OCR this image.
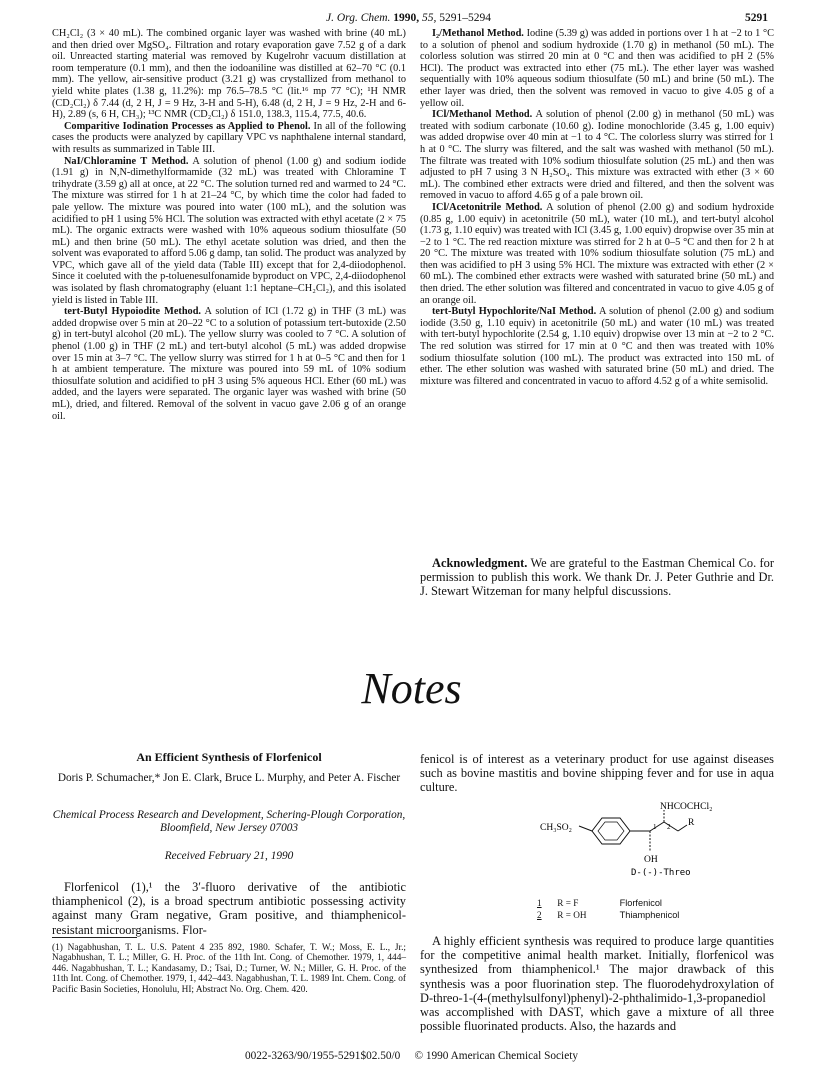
J. Org. Chem. 1990, 55, 5291–5294	5291

CH₂Cl₂ (3 × 40 mL). The combined organic layer was washed with brine (40 mL) and then dried over MgSO₄. Filtration and rotary evaporation gave 7.52 g of a dark oil. Unreacted starting material was removed by Kugelrohr vacuum distillation at room temperature (0.1 mm), and then the iodoaniline was distilled at 62–70 °C (0.1 mm). The yellow, air-sensitive product (3.21 g) was crystallized from methanol to yield white plates (1.38 g, 11.2%): mp 76.5–78.5 °C (lit.¹⁶ mp 77 °C); ¹H NMR (CD₂Cl₂) δ 7.44 (d, 2 H, J = 9 Hz, 3-H and 5-H), 6.48 (d, 2 H, J = 9 Hz, 2-H and 6-H), 2.89 (s, 6 H, CH₃); ¹³C NMR (CD₂Cl₂) δ 151.0, 138.3, 115.4, 77.5, 40.6.

Comparitive Iodination Processes as Applied to Phenol. In all of the following cases the products were analyzed by capillary VPC vs naphthalene internal standard, with results as summarized in Table III.

NaI/Chloramine T Method. A solution of phenol (1.00 g) and sodium iodide (1.91 g) in N,N-dimethylformamide (32 mL) was treated with Chloramine T trihydrate (3.59 g) all at once, at 22 °C. The solution turned red and warmed to 24 °C. The mixture was stirred for 1 h at 21–24 °C, by which time the color had faded to pale yellow. The mixture was poured into water (100 mL), and the solution was acidified to pH 1 using 5% HCl. The solution was extracted with ethyl acetate (2 × 75 mL). The organic extracts were washed with 10% aqueous sodium thiosulfate (50 mL) and then brine (50 mL). The ethyl acetate solution was dried, and then the solvent was evaporated to afford 5.06 g damp, tan solid. The product was analyzed by VPC, which gave all of the yield data (Table III) except that for 2,4-diiodophenol. Since it coeluted with the p-toluenesulfonamide byproduct on VPC, 2,4-diiodophenol was isolated by flash chromatography (eluant 1:1 heptane–CH₂Cl₂), and this isolated yield is listed in Table III.

tert-Butyl Hypoiodite Method. A solution of ICl (1.72 g) in THF (3 mL) was added dropwise over 5 min at 20–22 °C to a solution of potassium tert-butoxide (2.50 g) in tert-butyl alcohol (20 mL). The yellow slurry was cooled to 7 °C. A solution of phenol (1.00 g) in THF (2 mL) and tert-butyl alcohol (5 mL) was added dropwise over 15 min at 3–7 °C. The yellow slurry was stirred for 1 h at 0–5 °C and then for 1 h at ambient temperature. The mixture was poured into 59 mL of 10% sodium thiosulfate solution and acidified to pH 3 using 5% aqueous HCl. Ether (60 mL) was added, and the layers were separated. The organic layer was washed with brine (50 mL), dried, and filtered. Removal of the solvent in vacuo gave 2.06 g of an orange oil.

I₂/Methanol Method. Iodine (5.39 g) was added in portions over 1 h at −2 to 1 °C to a solution of phenol and sodium hydroxide (1.70 g) in methanol (50 mL). The colorless solution was stirred 20 min at 0 °C and then was acidified to pH 2 (5% HCl). The product was extracted into ether (75 mL). The ether layer was washed sequentially with 10% aqueous sodium thiosulfate (50 mL) and brine (50 mL). The ether layer was dried, then the solvent was removed in vacuo to give 4.05 g of a yellow oil.

ICl/Methanol Method. A solution of phenol (2.00 g) in methanol (50 mL) was treated with sodium carbonate (10.60 g). Iodine monochloride (3.45 g, 1.00 equiv) was added dropwise over 40 min at −1 to 4 °C. The colorless slurry was stirred for 1 h at 0 °C. The slurry was filtered, and the salt was washed with methanol (50 mL). The filtrate was treated with 10% sodium thiosulfate solution (25 mL) and then was adjusted to pH 7 using 3 N H₂SO₄. This mixture was extracted with ether (3 × 60 mL). The combined ether extracts were dried and filtered, and then the solvent was removed in vacuo to afford 4.65 g of a pale brown oil.

ICl/Acetonitrile Method. A solution of phenol (2.00 g) and sodium hydroxide (0.85 g, 1.00 equiv) in acetonitrile (50 mL), water (10 mL), and tert-butyl alcohol (1.73 g, 1.10 equiv) was treated with ICl (3.45 g, 1.00 equiv) dropwise over 35 min at −2 to 1 °C. The red reaction mixture was stirred for 2 h at 0–5 °C and then for 2 h at 20 °C. The mixture was treated with 10% sodium thiosulfate solution (75 mL) and then was acidified to pH 3 using 5% HCl. The mixture was extracted with ether (2 × 60 mL). The combined ether extracts were washed with saturated brine (50 mL) and then dried. The ether solution was filtered and concentrated in vacuo to give 4.05 g of an orange oil.

tert-Butyl Hypochlorite/NaI Method. A solution of phenol (2.00 g) and sodium iodide (3.50 g, 1.10 equiv) in acetonitrile (50 mL) and water (10 mL) was treated with tert-butyl hypochlorite (2.54 g, 1.10 equiv) dropwise over 13 min at −2 to 2 °C. The red solution was stirred for 17 min at 0 °C and then was treated with 10% sodium thiosulfate solution (100 mL). The product was extracted into 150 mL of ether. The ether solution was washed with saturated brine (50 mL) and dried. The mixture was filtered and concentrated in vacuo to afford 4.52 g of a white semisolid.

Acknowledgment. We are grateful to the Eastman Chemical Co. for permission to publish this work. We thank Dr. J. Peter Guthrie and Dr. J. Stewart Witzeman for many helpful discussions.

Notes
An Efficient Synthesis of Florfenicol
Doris P. Schumacher,* Jon E. Clark, Bruce L. Murphy, and Peter A. Fischer
Chemical Process Research and Development, Schering-Plough Corporation, Bloomfield, New Jersey 07003
Received February 21, 1990

Florfenicol (1),¹ the 3′-fluoro derivative of the antibiotic thiamphenicol (2), is a broad spectrum antibiotic possessing activity against many Gram negative, Gram positive, and thiamphenicol-resistant microorganisms. Flor-

(1) Nagabhushan, T. L. U.S. Patent 4 235 892, 1980. Schafer, T. W.; Moss, E. L., Jr.; Nagabhushan, T. L.; Miller, G. H. Proc. of the 11th Int. Cong. of Chemother. 1979, 1, 444–446. Nagabhushan, T. L.; Kandasamy, D.; Tsai, D.; Turner, W. N.; Miller, G. H. Proc. of the 11th Int. Cong. of Chemother. 1979, 1, 442–443. Nagabhushan, T. L. 1989 Int. Chem. Cong. of Pacific Basin Societies, Honolulu, HI; Abstract No. Org. Chem. 420.

fenicol is of interest as a veterinary product for use against diseases such as bovine mastitis and bovine shipping fever and for use in aqua culture.

CH₃SO₂
NHCOCHCl₂
R
1 2
OH
D-(-)-Threo
1 R = F	Florfenicol
2 R = OH	Thiamphenicol

A highly efficient synthesis was required to produce large quantities for the competitive animal health market. Initially, florfenicol was synthesized from thiamphenicol.¹ The major drawback of this synthesis was a poor fluorination step. The fluorodehydroxylation of D-threo-1-(4-(methylsulfonyl)phenyl)-2-phthalimido-1,3-propanediol was accomplished with DAST, which gave a mixture of all three possible fluorinated products. Also, the hazards and

0022-3263/90/1955-5291$02.50/0 © 1990 American Chemical Society
